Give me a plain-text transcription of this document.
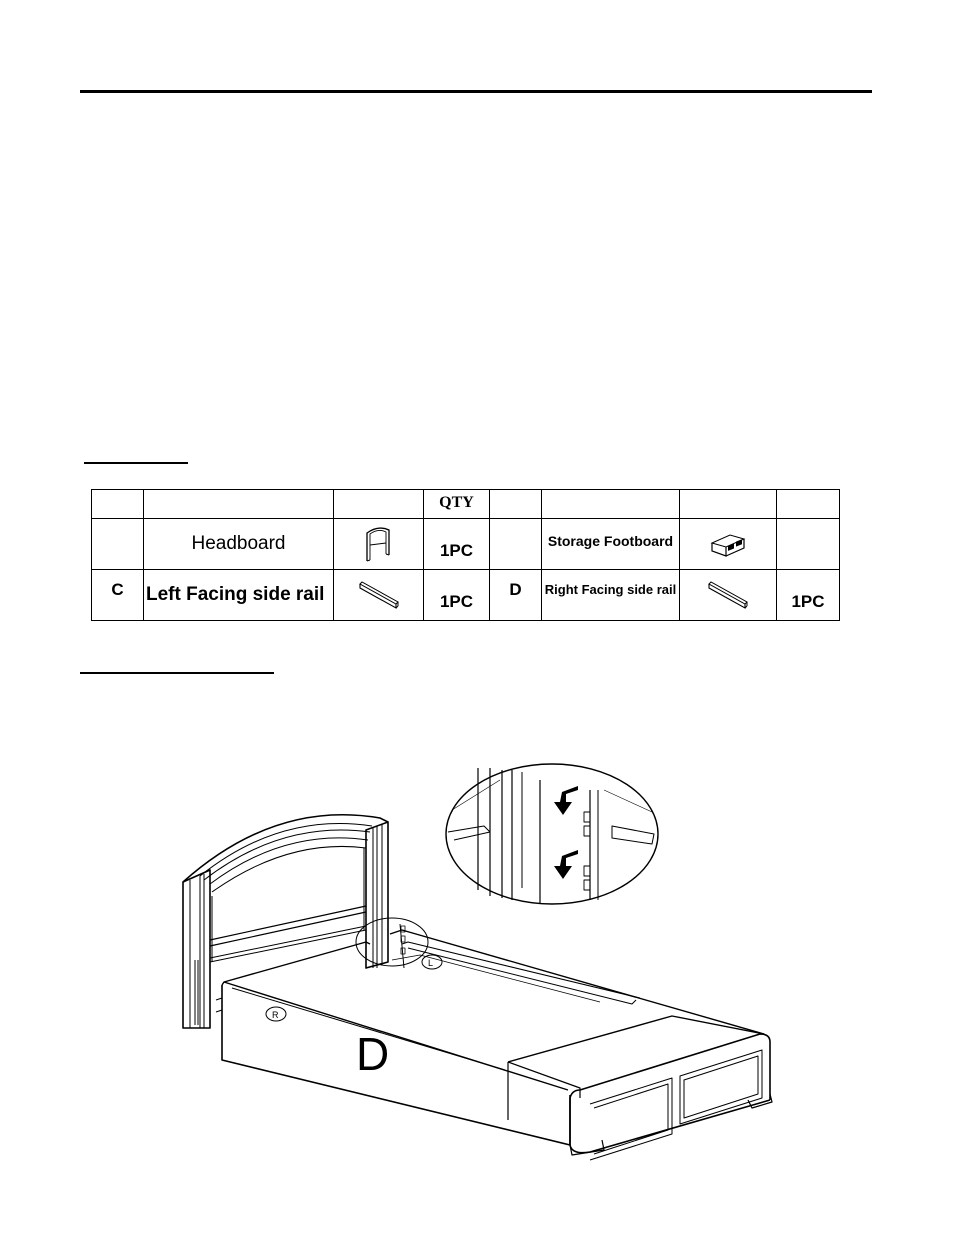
			QTY				
	Headboard		1PC		Storage Footboard	

C	Left Facing side rail		1PC	D	Right Facing side rail		1PC
D
L
R
